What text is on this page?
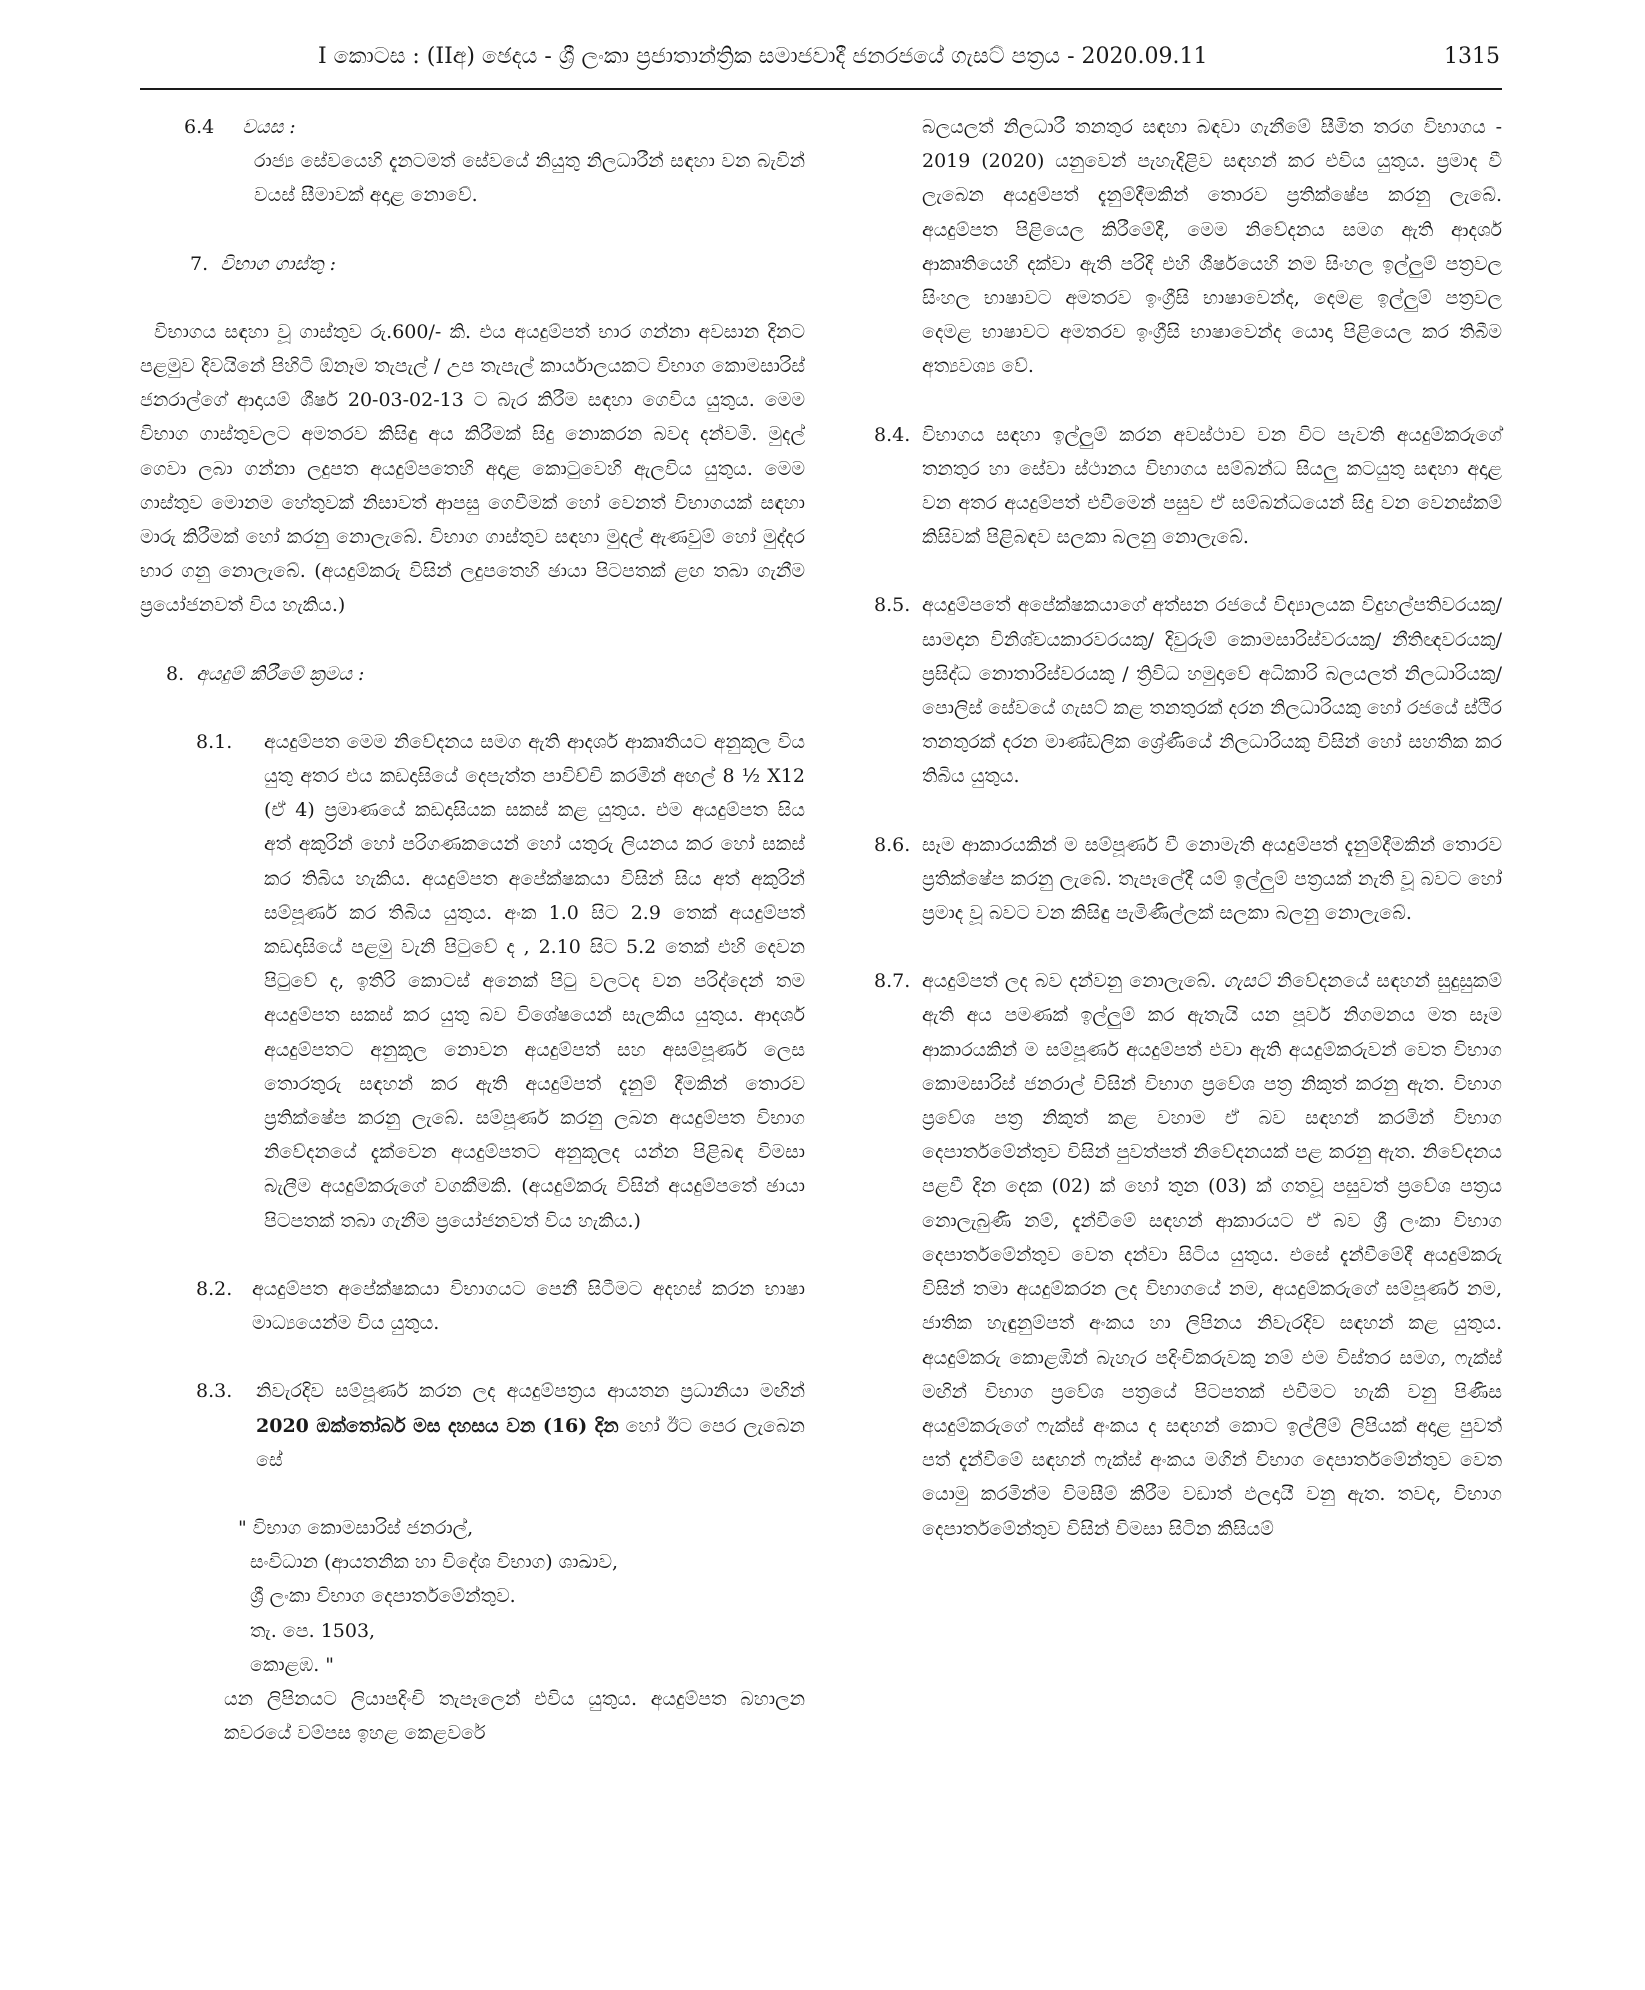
I කොටස : (IIඅ) ඡෙදය - ශ්‍රී ලංකා ප්‍රජාතාන්ත්‍රික සමාජවාදී ජනරජයේ ගැසට් පත්‍රය - 2020.09.11	1315
6.4 වයස :

රාජ්‍ය සේවයෙහි දැනටමත් සේවයේ නියුතු නිලධාරීන් සඳහා වන බැවින් වයස් සීමාවක් අදාළ නොවේ.

7. විභාග ගාස්තු :

විභාගය සඳහා වූ ගාස්තුව රු.600/- කි. එය අයදුම්පත් භාර ගන්නා අවසාන දිනට පළමුව දිවයිනේ පිහිටි ඕනෑම තැපැල් / උප තැපැල් කාර්යාලයකට විභාග කොමසාරිස් ජනරාල්ගේ ආදායම් ශීර්ෂ 20-03-02-13 ට බැර කිරීම සඳහා ගෙවිය යුතුය. මෙම විභාග ගාස්තුවලට අමතරව කිසිඳු අය කිරීමක් සිදු නොකරන බවද දන්වමි. මුදල් ගෙවා ලබා ගන්නා ලදුපත අයදුම්පතෙහි අදාළ කොටුවෙහි ඇලවිය යුතුය. මෙම ගාස්තුව මොනම හේතුවක් නිසාවත් ආපසු ගෙවීමක් හෝ වෙනත් විභාගයක් සඳහා මාරු කිරීමක් හෝ කරනු නොලැබේ. විභාග ගාස්තුව සඳහා මුදල් ඇණවුම් හෝ මුද්දර භාර ගනු නොලැබේ. (අයදුම්කරු විසින් ලදුපතෙහි ඡායා පිටපතක් ළඟ තබා ගැනීම ප්‍රයෝජනවත් විය හැකිය.)

8. අයදුම් කිරීමේ ක්‍රමය :
8.1. අයදුම්පත මෙම නිවේදනය සමග ඇති ආදර්ශ ආකෘතියට අනුකූල විය යුතු අතර එය කඩදාසියේ දෙපැත්ත පාවිච්චි කරමින් අඟල් 8 ½ X12 (ඒ 4) ප්‍රමාණයේ කඩදාසියක සකස් කළ යුතුය. එම අයදුම්පත සිය අත් අකුරින් හෝ පරිගණකයෙන් හෝ යතුරු ලියනය කර හෝ සකස් කර තිබිය හැකිය. අයදුම්පත අපේක්ෂකයා විසින් සිය අත් අකුරින් සම්පූර්ණ කර තිබිය යුතුය. අංක 1.0 සිට 2.9 තෙක් අයදුම්පත් කඩදාසියේ පළමු වැනි පිටුවේ ද , 2.10 සිට 5.2 තෙක් එහි දෙවන පිටුවේ ද, ඉතිරි කොටස් අනෙක් පිටු වලටද වන පරිද්දෙන් තම අයදුම්පත සකස් කර යුතු බව විශේෂයෙන් සැලකිය යුතුය. ආදර්ශ අයදුම්පතට අනුකූල නොවන අයදුම්පත් සහ අසම්පූර්ණ ලෙස තොරතුරු සඳහන් කර ඇති අයදුම්පත් දැනුම් දීමකින් තොරව ප්‍රතික්ෂේප කරනු ලැබේ. සම්පූර්ණ කරනු ලබන අයදුම්පත විභාග නිවේදනයේ දැක්වෙන අයදුම්පතට අනුකූලද යන්න පිළිබඳ විමසා බැලීම අයදුම්කරුගේ වගකීමකි. (අයදුම්කරු විසින් අයදුම්පතේ ඡායා පිටපතක් තබා ගැනීම ප්‍රයෝජනවත් විය හැකිය.)

8.2. අයදුම්පත අපේක්ෂකයා විභාගයට පෙනී සිටීමට අදහස් කරන භාෂා මාධ්‍යයෙන්ම විය යුතුය.

8.3. නිවැරදිව සම්පූර්ණ කරන ලද අයදුම්පත්‍රය ආයතන ප්‍රධානියා මඟින් 2020 ඔක්තෝබර් මස දහසය වන (16) දින හෝ ඊට පෙර ලැබෙන සේ

" විභාග කොමසාරිස් ජනරාල්,

සංවිධාන (ආයතනික හා විදේශ විභාග) ශාඛාව,

ශ්‍රී ලංකා විභාග දෙපාර්තමේන්තුව.

තැ. පෙ. 1503,

කොළඹ. "

යන ලිපිනයට ලියාපදිංචි තැපෑලෙන් එවිය යුතුය. අයදුම්පත බහාලන කවරයේ වම්පස ඉහළ කෙළවරේ

බලයලත් නිලධාරී තනතුර සඳහා බඳවා ගැනීමේ සීමිත තරග විභාගය - 2019 (2020) යනුවෙන් පැහැදිළිව සඳහන් කර එවිය යුතුය. ප්‍රමාද වී ලැබෙන අයදුම්පත් දැනුම්දීමකින් තොරව ප්‍රතික්ෂේප කරනු ලැබේ. අයදුම්පත පිළියෙල කිරීමේදී, මෙම නිවේදනය සමග ඇති ආදර්ශ ආකෘතියෙහි දක්වා ඇති පරිදි එහි ශීර්ෂයෙහි නම සිංහල ඉල්ලුම් පත්‍රවල සිංහල භාෂාවට අමතරව ඉංග්‍රීසි භාෂාවෙන්ද, දෙමළ ඉල්ලුම් පත්‍රවල දෙමළ භාෂාවට අමතරව ඉංග්‍රීසි භාෂාවෙන්ද යොදා පිළියෙල කර තිබීම අත්‍යවශ්‍ය වේ.

8.4. විභාගය සඳහා ඉල්ලුම් කරන අවස්ථාව වන විට පැවති අයදුම්කරුගේ තනතුර හා සේවා ස්ථානය විභාගය සම්බන්ධ සියලු කටයුතු සඳහා අදාළ වන අතර අයදුම්පත් එවීමෙන් පසුව ඒ සම්බන්ධයෙන් සිදු වන වෙනස්කම් කිසිවක් පිළිබඳව සලකා බලනු නොලැබේ.

8.5. අයදුම්පතේ අපේක්ෂකයාගේ අත්සන රජයේ විද්‍යාලයක විදුහල්පතිවරයකු/ සාමදාන විනිශ්චයකාරවරයකු/ දිවුරුම් කොමසාරිස්වරයකු/ නීතිඥවරයකු/ ප්‍රසිද්ධ නොතාරිස්වරයකු / ත්‍රිවිධ හමුදාවේ අධිකාරි බලයලත් නිලධාරියකු/ පොලිස් සේවයේ ගැසට් කළ තනතුරක් දරන නිලධාරියකු හෝ රජයේ ස්ථිර තනතුරක් දරන මාණ්ඩලික ශ්‍රේණියේ නිලධාරියකු විසින් හෝ සහතික කර තිබිය යුතුය.

8.6. සෑම ආකාරයකින් ම සම්පූර්ණ වී නොමැති අයදුම්පත් දැනුම්දීමකින් තොරව ප්‍රතික්ෂේප කරනු ලැබේ. තැපෑලේදී යම් ඉල්ලුම් පත්‍රයක් නැති වූ බවට හෝ ප්‍රමාද වූ බවට වන කිසිඳු පැමිණිල්ලක් සලකා බලනු නොලැබේ.

8.7. අයදුම්පත් ලද බව දන්වනු නොලැබේ. ගැසට් නිවේදනයේ සඳහන් සුදුසුකම් ඇති අය පමණක් ඉල්ලුම් කර ඇතැයි යන පූර්ව නිගමනය මත සෑම ආකාරයකින් ම සම්පූර්ණ අයදුම්පත් එවා ඇති අයදුම්කරුවන් වෙත විභාග කොමසාරිස් ජනරාල් විසින් විභාග ප්‍රවේශ පත්‍ර නිකුත් කරනු ඇත. විභාග ප්‍රවේශ පත්‍ර නිකුත් කළ වහාම ඒ බව සඳහන් කරමින් විභාග දෙපාර්තමේන්තුව විසින් පුවත්පත් නිවේදනයක් පළ කරනු ඇත. නිවේදනය පළවී දින දෙක (02) ක් හෝ තුන (03) ක් ගතවූ පසුවත් ප්‍රවේශ පත්‍රය නොලැබුණි නම්, දැන්වීමේ සඳහන් ආකාරයට ඒ බව ශ්‍රී ලංකා විභාග දෙපාර්තමේන්තුව වෙත දන්වා සිටිය යුතුය. එසේ දැන්වීමේදී අයදුම්කරු විසින් තමා අයදුම්කරන ලද විභාගයේ නම, අයදුම්කරුගේ සම්පූර්ණ නම, ජාතික හැඳුනුම්පත් අංකය හා ලිපිනය නිවැරදිව සඳහන් කළ යුතුය. අයදුම්කරු කොළඹින් බැහැර පදිංචිකරුවකු නම් එම විස්තර සමග, ෆැක්ස් මඟින් විභාග ප්‍රවේශ පත්‍රයේ පිටපතක් එවීමට හැකි වනු පිණිස අයදුම්කරුගේ ෆැක්ස් අංකය ද සඳහන් කොට ඉල්ලීම් ලිපියක් අදාළ පුවත් පත් දැන්වීමේ සඳහන් ෆැක්ස් අංකය මගින් විභාග දෙපාර්තමේන්තුව වෙත යොමු කරමින්ම විමසීම් කිරීම වඩාත් ඵලදායී වනු ඇත. තවද, විභාග දෙපාර්තමේන්තුව විසින් විමසා සිටින කිසියම්
